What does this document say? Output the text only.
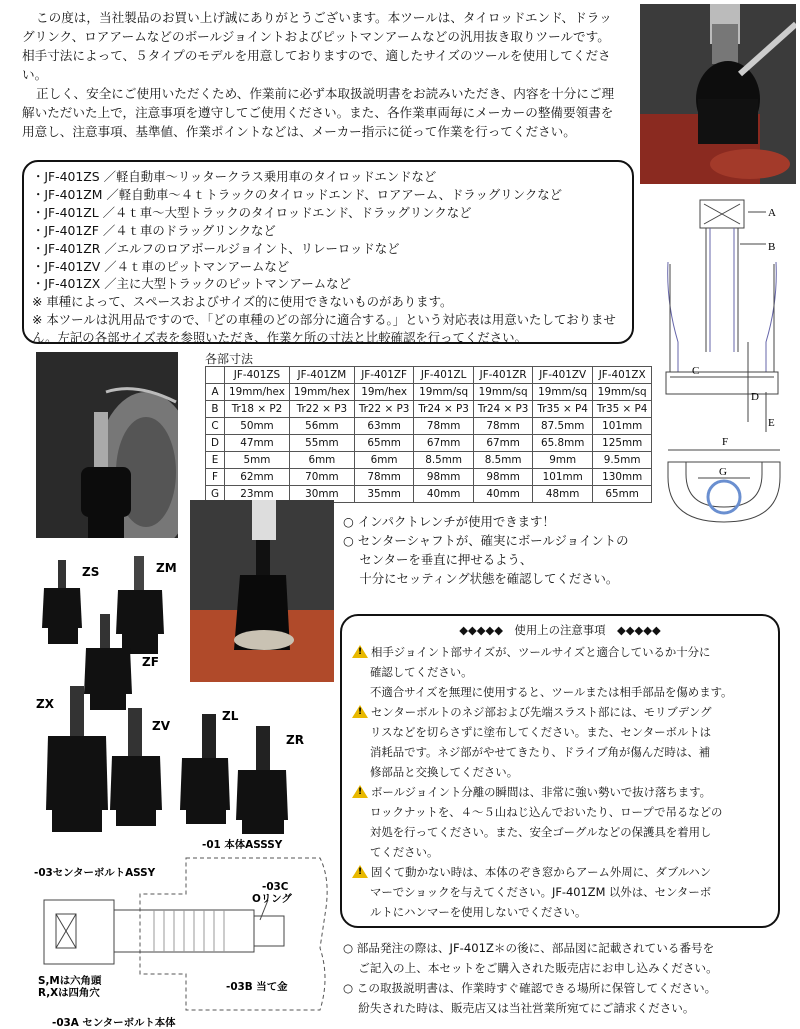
この度は，当社製品のお買い上げ誠にありがとうございます。本ツールは、タイロッドエンド、ドラッグリンク、ロアアームなどのボールジョイントおよびピットマンアームなどの汎用抜き取りツールです。相手寸法によって、５タイプのモデルを用意しておりますので、適したサイズのツールを使用してください。

正しく、安全にご使用いただくため、作業前に必ず本取扱説明書をお読みいただき、内容を十分にご理解いただいた上で，注意事項を遵守してご使用ください。また、各作業車両毎にメーカーの整備要領書を用意し、注意事項、基準値、作業ポイントなどは、メーカー指示に従って作業を行ってください。

・JF-401ZS ／軽自動車〜リッタークラス乗用車のタイロッドエンドなど
・JF-401ZM ／軽自動車〜４ｔトラックのタイロッドエンド、ロアアーム、ドラッグリンクなど
・JF-401ZL ／４ｔ車〜大型トラックのタイロッドエンド、ドラッグリンクなど
・JF-401ZF ／４ｔ車のドラッグリンクなど
・JF-401ZR ／エルフのロアボールジョイント、リレーロッドなど
・JF-401ZV ／４ｔ車のピットマンアームなど
・JF-401ZX ／主に大型トラックのピットマンアームなど
※ 車種によって、スペースおよびサイズ的に使用できないものがあります。
※ 本ツールは汎用品ですので、「どの車種のどの部分に適合する。」という対応表は用意いたしておりません。左記の各部サイズ表を参照いただき、作業ケ所の寸法と比較確認を行ってください。
A
B
C
D
E
F
G
各部寸法
	JF-401ZS	JF-401ZM	JF-401ZF	JF-401ZL	JF-401ZR	JF-401ZV	JF-401ZX
A	19mm/hex	19mm/hex	19m/hex	19mm/sq	19mm/sq	19mm/sq	19mm/sq
B	Tr18 × P2	Tr22 × P3	Tr22 × P3	Tr24 × P3	Tr24 × P3	Tr35 × P4	Tr35 × P4
C	50mm	56mm	63mm	78mm	78mm	87.5mm	101mm
D	47mm	55mm	65mm	67mm	67mm	65.8mm	125mm
E	5mm	6mm	6mm	8.5mm	8.5mm	9mm	9.5mm
F	62mm	70mm	78mm	98mm	98mm	101mm	130mm
G	23mm	30mm	35mm	40mm	40mm	48mm	65mm
○ インパクトレンチが使用できます！
○ センターシャフトが、確実にボールジョイントの
　 センターを垂直に押せるよう、
　 十分にセッティング状態を確認してください。
ZS	ZM
ZF
ZX
ZV
ZL
ZR
◆◆◆◆◆　使用上の注意事項　◆◆◆◆◆
!相手ジョイント部サイズが、ツールサイズと適合しているか十分に
確認してください。
不適合サイズを無理に使用すると、ツールまたは相手部品を傷めます。
!センターボルトのネジ部および先端スラスト部には、モリブデング
リスなどを切らさずに塗布してください。また、センターボルトは
消耗品です。ネジ部がやせてきたり、ドライブ角が傷んだ時は、補
修部品と交換してください。
!ボールジョイント分離の瞬間は、非常に強い勢いで抜け落ちます。
ロックナットを、４〜５山ねじ込んでおいたり、ロープで吊るなどの
対処を行ってください。また、安全ゴーグルなどの保護具を着用し
てください。
!固くて動かない時は、本体のぞき窓からアーム外周に、ダブルハン
マーでショックを与えてください。JF-401ZM 以外は、センターボ
ルトにハンマーを使用しないでください。
-01 本体ASSSY
-03センターボルトASSY
-03C
Oリング
S,Mは六角頭
R,Xは四角穴	-03B 当て金
-03A センターボルト本体
○ 部品発注の際は、JF-401Z＊の後に、部品図に記載されている番号を
　 ご記入の上、本セットをご購入された販売店にお申し込みください。
○ この取扱説明書は、作業時すぐ確認できる場所に保管してください。
　 紛失された時は、販売店又は当社営業所宛てにご請求ください。
